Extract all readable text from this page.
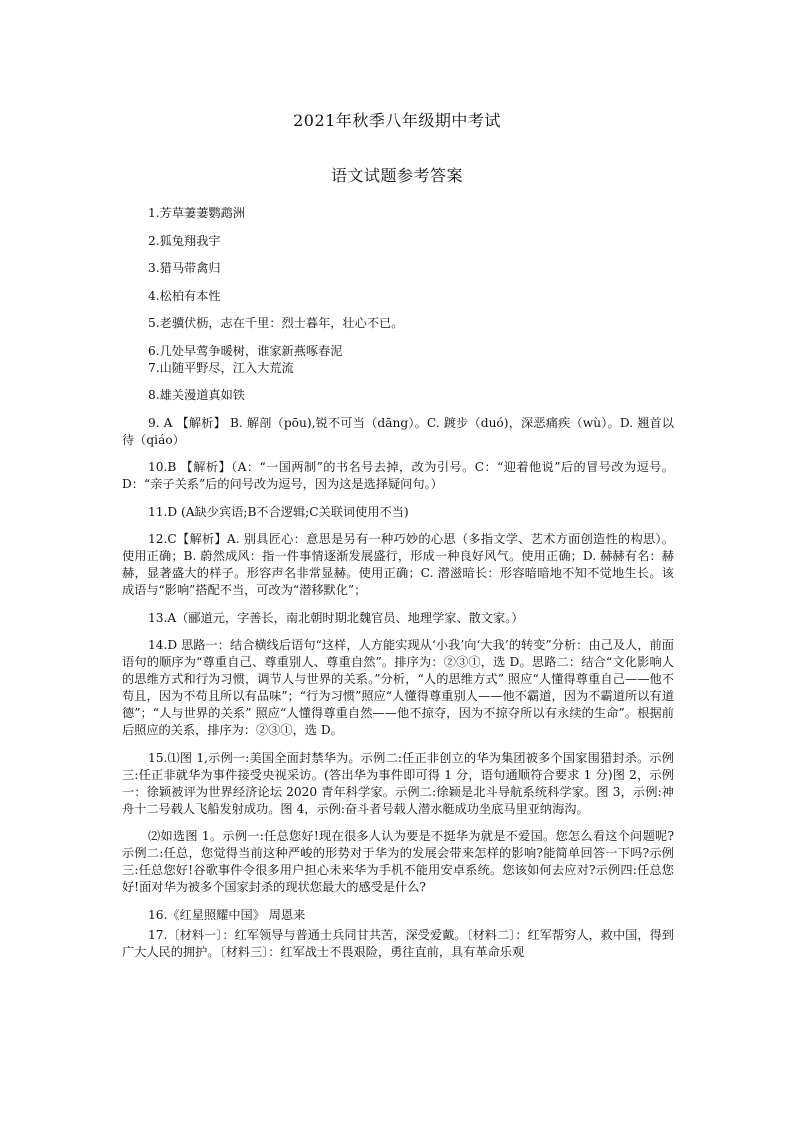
2021年秋季八年级期中考试
语文试题参考答案

1.芳草萋萋鹦鹉洲

2.狐兔翔我宇

3.猎马带禽归

4.松柏有本性

5.老骥伏枥，志在千里：烈士暮年，壮心不已。

6.几处早莺争暖树，谁家新燕啄春泥

7.山随平野尽，江入大荒流

8.雄关漫道真如铁

9. A 【解析】 B. 解剖（pōu),锐不可当（dāng）。C. 踱步（duó)，深恶痛疾（wù）。D. 翘首以待（qiáo）

10.B 【解析】（A：“一国两制”的书名号去掉，改为引号。C：“迎着他说”后的冒号改为逗号。D：“亲子关系”后的问号改为逗号，因为这是选择疑问句。）

11.D (A缺少宾语;B不合逻辑;C关联词使用不当)

12.C【解析】A. 别具匠心：意思是另有一种巧妙的心思（多指文学、艺术方面创造性的构思）。使用正确；B. 蔚然成风：指一件事情逐渐发展盛行，形成一种良好风气。使用正确；D. 赫赫有名：赫赫，显著盛大的样子。形容声名非常显赫。使用正确；C. 潜滋暗长：形容暗暗地不知不觉地生长。该成语与“影响”搭配不当，可改为“潜移默化”；

13.A（郦道元，字善长，南北朝时期北魏官员、地理学家、散文家。）

14.D 思路一：结合横线后语句“这样，人方能实现从‘小我’向‘大我’的转变”分析：由己及人，前面语句的顺序为“尊重自己、尊重别人、尊重自然”。排序为：②③①，选 D。思路二：结合“文化影响人的思维方式和行为习惯，调节人与世界的关系。”分析，“人的思维方式” 照应“人懂得尊重自己——他不苟且，因为不苟且所以有品味”；“行为习惯”照应“人懂得尊重别人——他不霸道，因为不霸道所以有道德”；“人与世界的关系” 照应“人懂得尊重自然——他不掠夺，因为不掠夺所以有永续的生命”。根据前后照应的关系，排序为：②③①，选 D。

15.⑴图 1,示例一:美国全面封禁华为。示例二:任正非创立的华为集团被多个国家围猎封杀。示例三:任正非就华为事件接受央视采访。(答出华为事件即可得 1 分，语句通顺符合要求 1 分)图 2，示例一：徐颖被评为世界经济论坛 2020 青年科学家。示例二:徐颖是北斗导航系统科学家。图 3，示例:神舟十二号载人飞船发射成功。图 4，示例:奋斗者号载人潜水艇成功坐底马里亚纳海沟。

⑵如选图 1。示例一:任总您好!现在很多人认为要是不挺华为就是不爱国。您怎么看这个问题呢?示例二:任总，您觉得当前这种严峻的形势对于华为的发展会带来怎样的影响?能简单回答一下吗?示例三:任总您好!谷歌事件令很多用户担心未来华为手机不能用安卓系统。您该如何去应对?示例四:任总您好!面对华为被多个国家封杀的现状您最大的感受是什么?

16.《红星照耀中国》 周恩来

17.〔材料一〕：红军领导与普通士兵同甘共苦，深受爱戴。〔材料二〕：红军帮穷人，救中国，得到广大人民的拥护。〔材料三〕：红军战士不畏艰险，勇往直前，具有革命乐观
